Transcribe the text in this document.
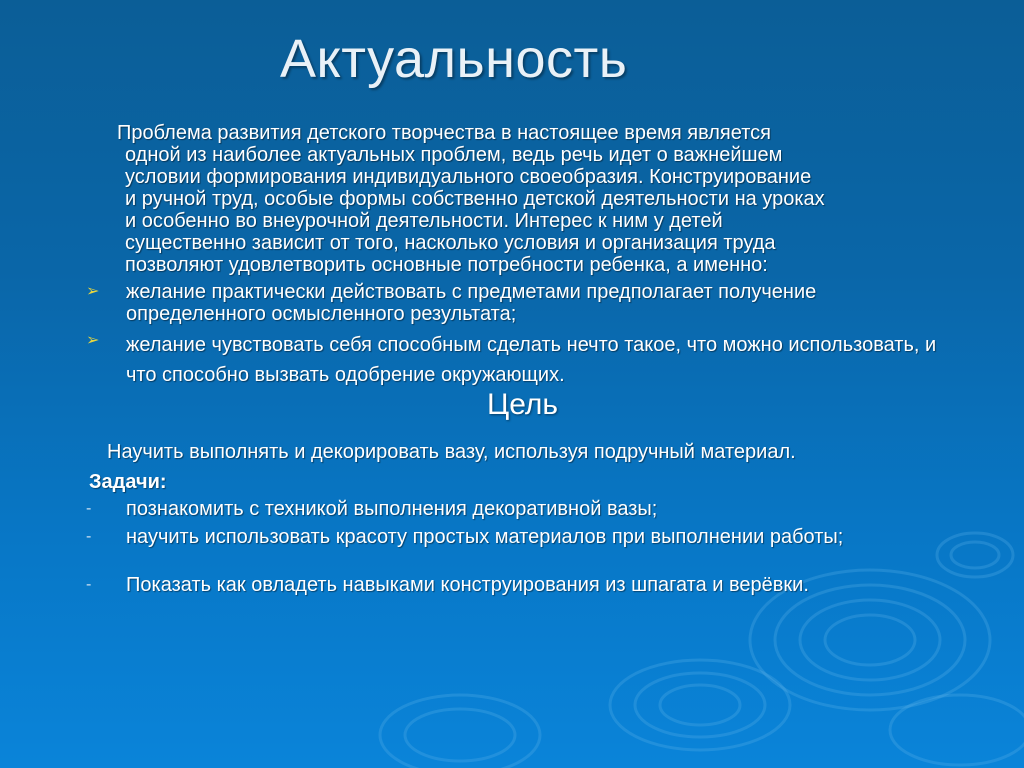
Актуальность
Проблема развития детского творчества в настоящее время является
одной из наиболее актуальных проблем, ведь речь идет о важнейшем
условии формирования индивидуального своеобразия. Конструирование
и ручной труд, особые формы собственно детской деятельности на уроках
и особенно во внеурочной деятельности. Интерес к ним у детей
существенно зависит от того, насколько условия и организация труда
позволяют удовлетворить основные потребности ребенка, а именно:
➢	желание практически действовать с предметами предполагает получение определенного осмысленного результата;
➢	желание чувствовать себя способным сделать нечто такое, что можно использовать, и что способно вызвать одобрение окружающих.
Цель
Научить выполнять и декорировать вазу, используя подручный материал.
Задачи:
-	познакомить с техникой выполнения декоративной вазы;
-	научить использовать красоту простых материалов при выполнении работы;
-	Показать как овладеть навыками конструирования из шпагата и верёвки.
